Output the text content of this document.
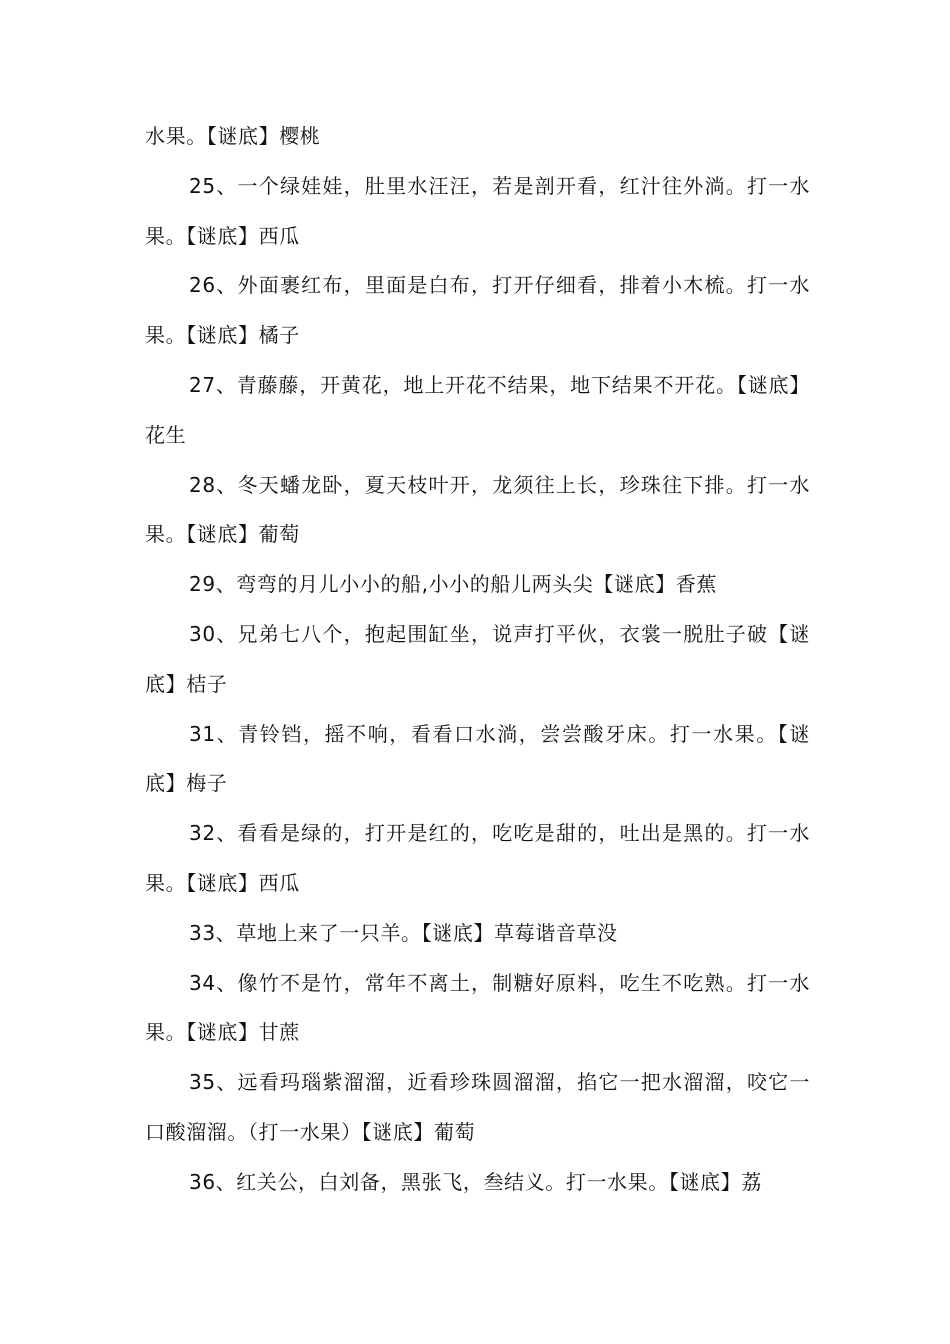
水果。【谜底】樱桃

25、一个绿娃娃，肚里水汪汪，若是剖开看，红汁往外淌。打一水果。【谜底】西瓜

26、外面裹红布，里面是白布，打开仔细看，排着小木梳。打一水果。【谜底】橘子

27、青藤藤，开黄花，地上开花不结果，地下结果不开花。【谜底】花生

28、冬天蟠龙卧，夏天枝叶开，龙须往上长，珍珠往下排。打一水果。【谜底】葡萄

29、弯弯的月儿小小的船,小小的船儿两头尖【谜底】香蕉

30、兄弟七八个，抱起围缸坐，说声打平伙，衣裳一脱肚子破【谜底】桔子

31、青铃铛，摇不响，看看口水淌，尝尝酸牙床。打一水果。【谜底】梅子

32、看看是绿的，打开是红的，吃吃是甜的，吐出是黑的。打一水果。【谜底】西瓜

33、草地上来了一只羊。【谜底】草莓谐音草没

34、像竹不是竹，常年不离土，制糖好原料，吃生不吃熟。打一水果。【谜底】甘蔗

35、远看玛瑙紫溜溜，近看珍珠圆溜溜，掐它一把水溜溜，咬它一口酸溜溜。（打一水果）【谜底】葡萄

36、红关公，白刘备，黑张飞，叁结义。打一水果。【谜底】荔
